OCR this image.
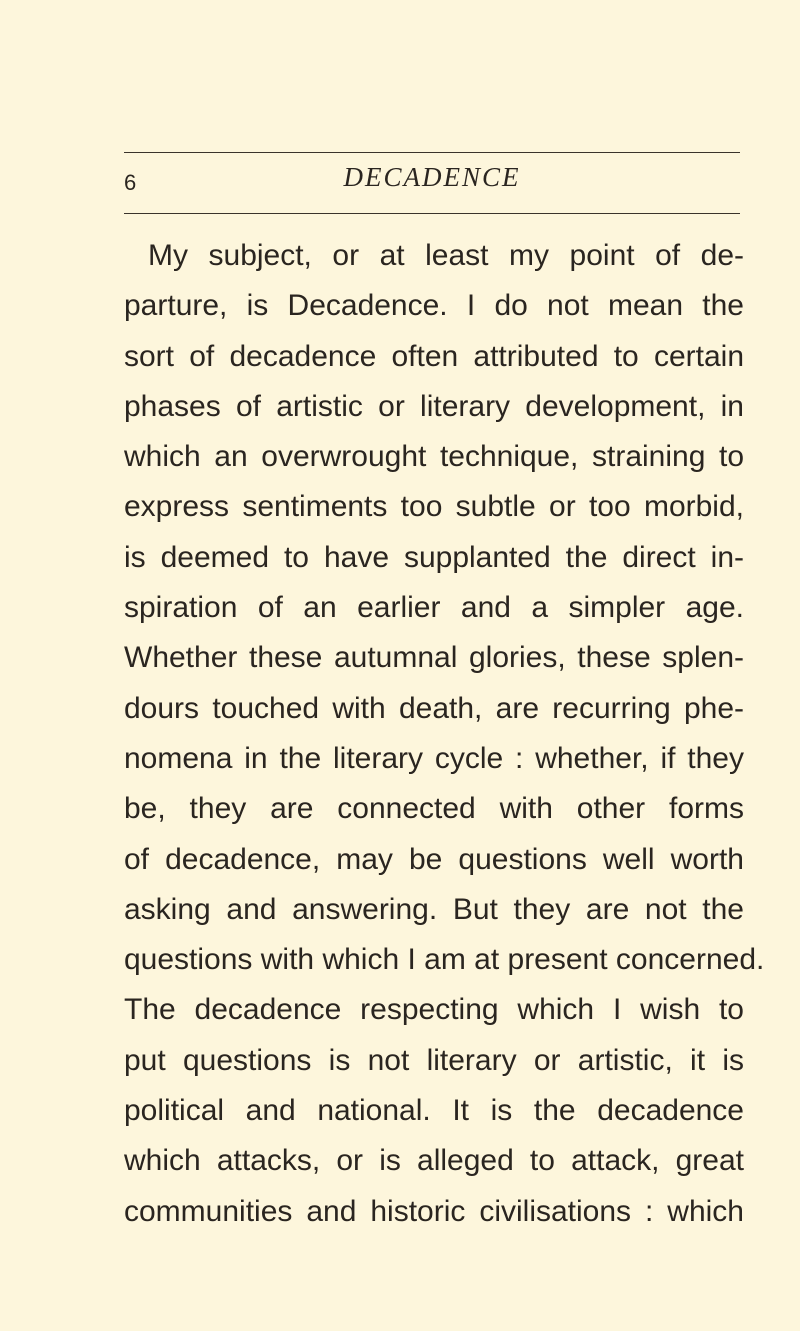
6	DECADENCE
My subject, or at least my point of de-
parture, is Decadence. I do not mean the
sort of decadence often attributed to certain
phases of artistic or literary development, in
which an overwrought technique, straining to
express sentiments too subtle or too morbid,
is deemed to have supplanted the direct in-
spiration of an earlier and a simpler age.
Whether these autumnal glories, these splen-
dours touched with death, are recurring phe-
nomena in the literary cycle : whether, if they
be, they are connected with other forms
of decadence, may be questions well worth
asking and answering. But they are not the
questions with which I am at present concerned.
The decadence respecting which I wish to
put questions is not literary or artistic, it is
political and national. It is the decadence
which attacks, or is alleged to attack, great
communities and historic civilisations : which
